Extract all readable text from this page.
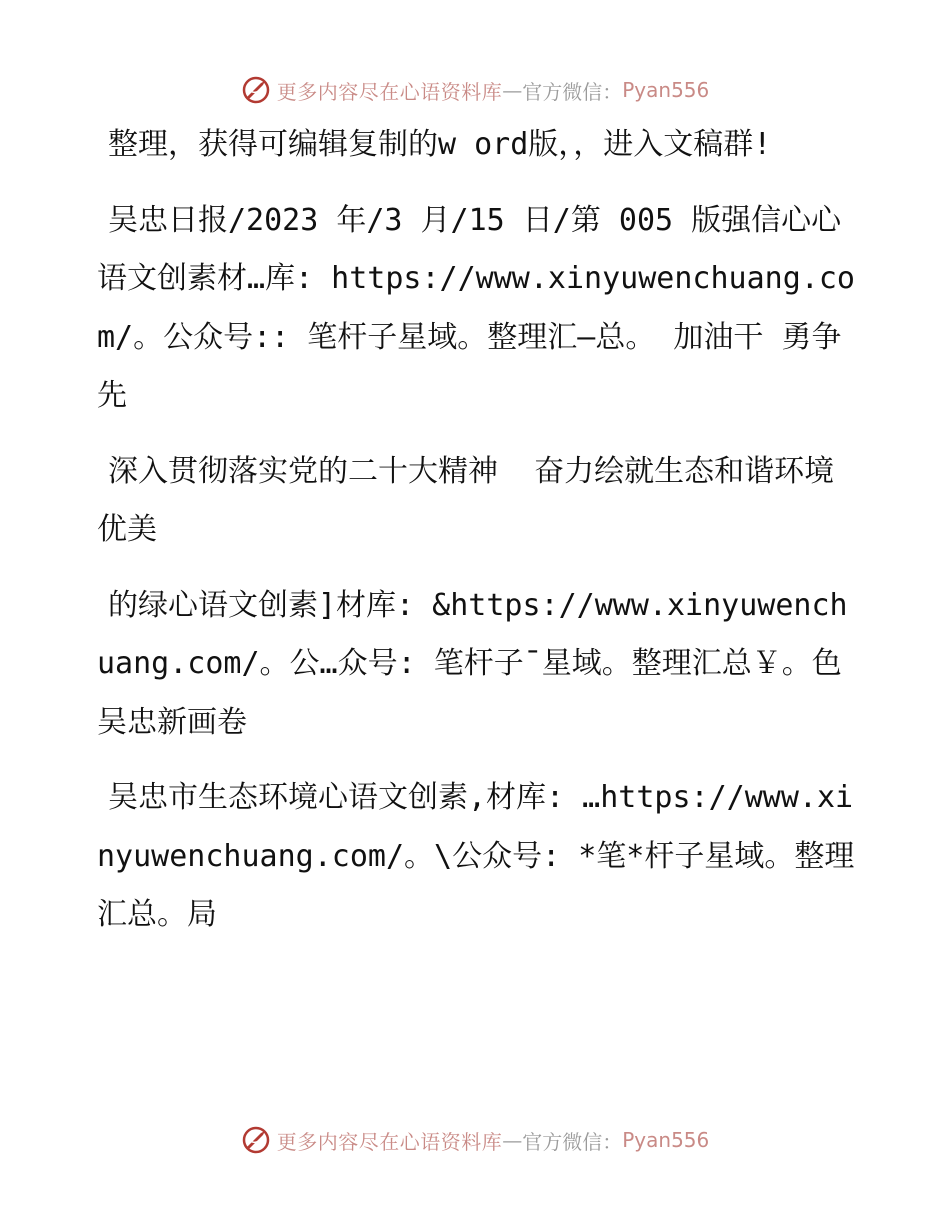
更多内容尽在心语资料库 — 官方微信： Pyan556

整理，获得可编辑复制的w ord版，，进入文稿群!

吴忠日报/2023 年/3 月/15 日/第 005 版强信心心语文创素材…库: https://www.xinyuwenchuang.com/。公众号:: 笔杆子星域。整理汇—总。 加油干 勇争先

深入贯彻落实党的二十大精神  奋力绘就生态和谐环境优美

的绿心语文创素]材库: &https://www.xinyuwenchuang.com/。公…众号: 笔杆子¯星域。整理汇总￥。色吴忠新画卷

吴忠市生态环境心语文创素,材库: …https://www.xinyuwenchuang.com/。\公众号: *笔*杆子星域。整理汇总。局

更多内容尽在心语资料库 — 官方微信： Pyan556
